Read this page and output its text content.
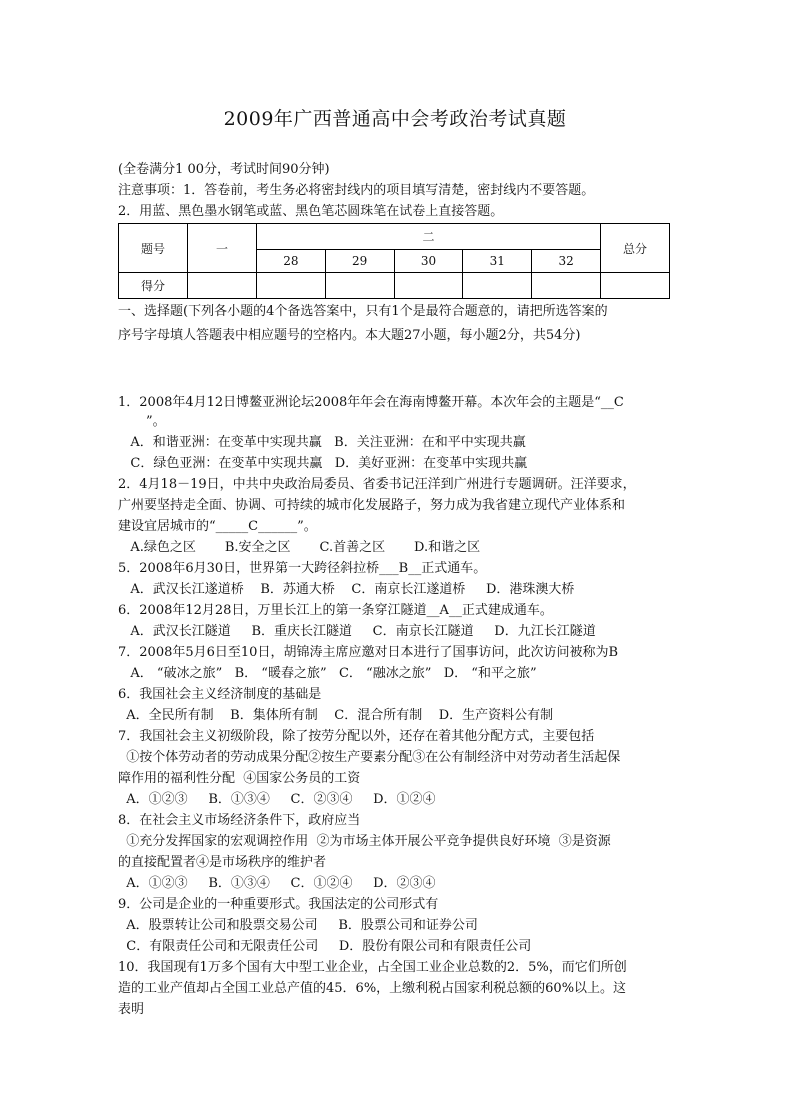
2009年广西普通高中会考政治考试真题
(全卷满分1 00分，考试时间90分钟)
注意事项：1．答卷前，考生务必将密封线内的项目填写清楚，密封线内不要答题。
2．用蓝、黑色墨水钢笔或蓝、黑色笔芯圆珠笔在试卷上直接答题。
题号	一	二					总分
		28	29	30	31	32	
得分							
一、选择题(下列各小题的4个备选答案中，只有1个是最符合题意的，请把所选答案的
序号字母填人答题表中相应题号的空格内。本大题27小题，每小题2分，共54分)
1．2008年4月12日博鳌亚洲论坛2008年年会在海南博鳌开幕。本次年会的主题是“__C
”。
A．和谐亚洲：在变革中实现共赢   B．关注亚洲：在和平中实现共赢
C．绿色亚洲：在变革中实现共赢   D．美好亚洲：在变革中实现共赢
2．4月18－19日，中共中央政治局委员、省委书记汪洋到广州进行专题调研。汪洋要求，
广州要坚持走全面、协调、可持续的城市化发展路子，努力成为我省建立现代产业体系和
建设宜居城市的“_____C______”。
A.绿色之区       B.安全之区       C.首善之区       D.和谐之区
5．2008年6月30日，世界第一大跨径斜拉桥___B__正式通车。
A．武汉长江遂道桥    B．苏通大桥    C．南京长江遂道桥     D．港珠澳大桥
6．2008年12月28日，万里长江上的第一条穿江隧道__A__正式建成通车。
A．武汉长江隧道     B．重庆长江隧道     C．南京长江隧道     D．九江长江隧道
7．2008年5月6日至10日，胡锦涛主席应邀对日本进行了国事访问，此次访问被称为B
A． “破冰之旅”   B． “暖春之旅”   C． “融冰之旅”   D． “和平之旅”
6．我国社会主义经济制度的基础是
A．全民所有制    B．集体所有制    C．混合所有制    D．生产资料公有制
7．我国社会主义初级阶段，除了按劳分配以外，还存在着其他分配方式，主要包括
①按个体劳动者的劳动成果分配②按生产要素分配③在公有制经济中对劳动者生活起保
障作用的福利性分配  ④国家公务员的工资
A．①②③     B．①③④     C．②③④     D．①②④
8．在社会主义市场经济条件下，政府应当
①充分发挥国家的宏观调控作用  ②为市场主体开展公平竞争提供良好环境  ③是资源
的直接配置者④是市场秩序的维护者
A．①②③     B．①③④     C．①②④     D．②③④
9．公司是企业的一种重要形式。我国法定的公司形式有
A．股票转让公司和股票交易公司     B．股票公司和证券公司
C．有限责任公司和无限责任公司     D．股份有限公司和有限责任公司
10．我国现有1万多个国有大中型工业企业，占全国工业企业总数的2．5%，而它们所创
造的工业产值却占全国工业总产值的45．6%，上缴利税占国家利税总额的60%以上。这
表明
